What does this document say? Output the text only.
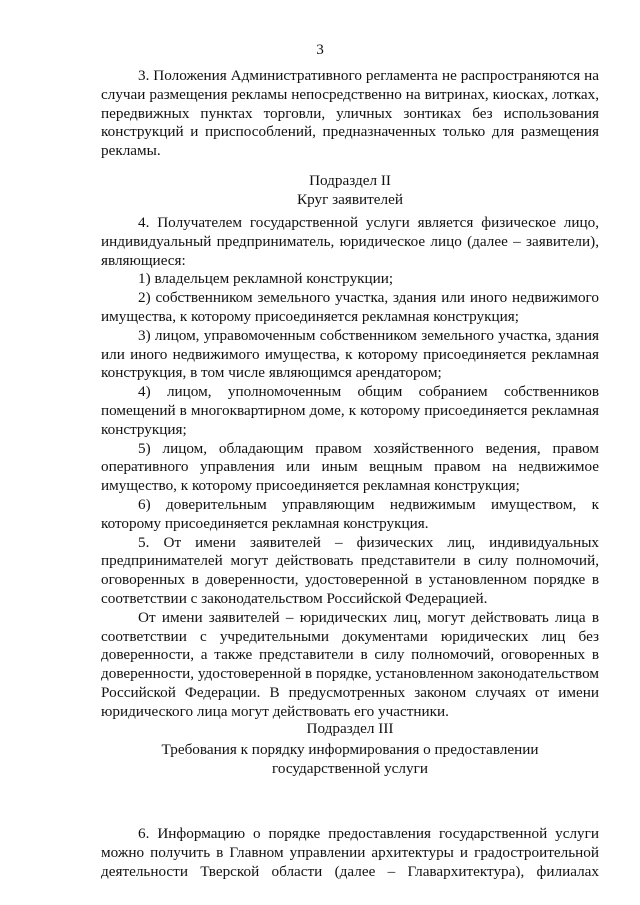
3

3. Положения Административного регламента не распространяются на случаи размещения рекламы непосредственно на витринах, киосках, лотках, передвижных пунктах торговли, уличных зонтиках без использования конструкций и приспособлений, предназначенных только для размещения рекламы.

Подраздел II
Круг заявителей

4. Получателем государственной услуги является физическое лицо, индивидуальный предприниматель, юридическое лицо (далее – заявители), являющиеся:

1) владельцем рекламной конструкции;

2) собственником земельного участка, здания или иного недвижимого имущества, к которому присоединяется рекламная конструкция;

3) лицом, управомоченным собственником земельного участка, здания или иного недвижимого имущества, к которому присоединяется рекламная конструкция, в том числе являющимся арендатором;

4) лицом, уполномоченным общим собранием собственников помещений в многоквартирном доме, к которому присоединяется рекламная конструкция;

5) лицом, обладающим правом хозяйственного ведения, правом оперативного управления или иным вещным правом на недвижимое имущество, к которому присоединяется рекламная конструкция;

6) доверительным управляющим недвижимым имуществом, к которому присоединяется рекламная конструкция.

5. От имени заявителей – физических лиц, индивидуальных предпринимателей могут действовать представители в силу полномочий, оговоренных в доверенности, удостоверенной в установленном порядке в соответствии с законодательством Российской Федерацией.

От имени заявителей – юридических лиц, могут действовать лица в соответствии с учредительными документами юридических лиц без доверенности, а также представители в силу полномочий, оговоренных в доверенности, удостоверенной в порядке, установленном законодательством Российской Федерации. В предусмотренных законом случаях от имени юридического лица могут действовать его участники.

Подраздел III
Требования к порядку информирования о предоставлении
государственной услуги

6. Информацию о порядке предоставления государственной услуги можно получить в Главном управлении архитектуры и градостроительной деятельности Тверской области (далее – Главархитектура), филиалах
